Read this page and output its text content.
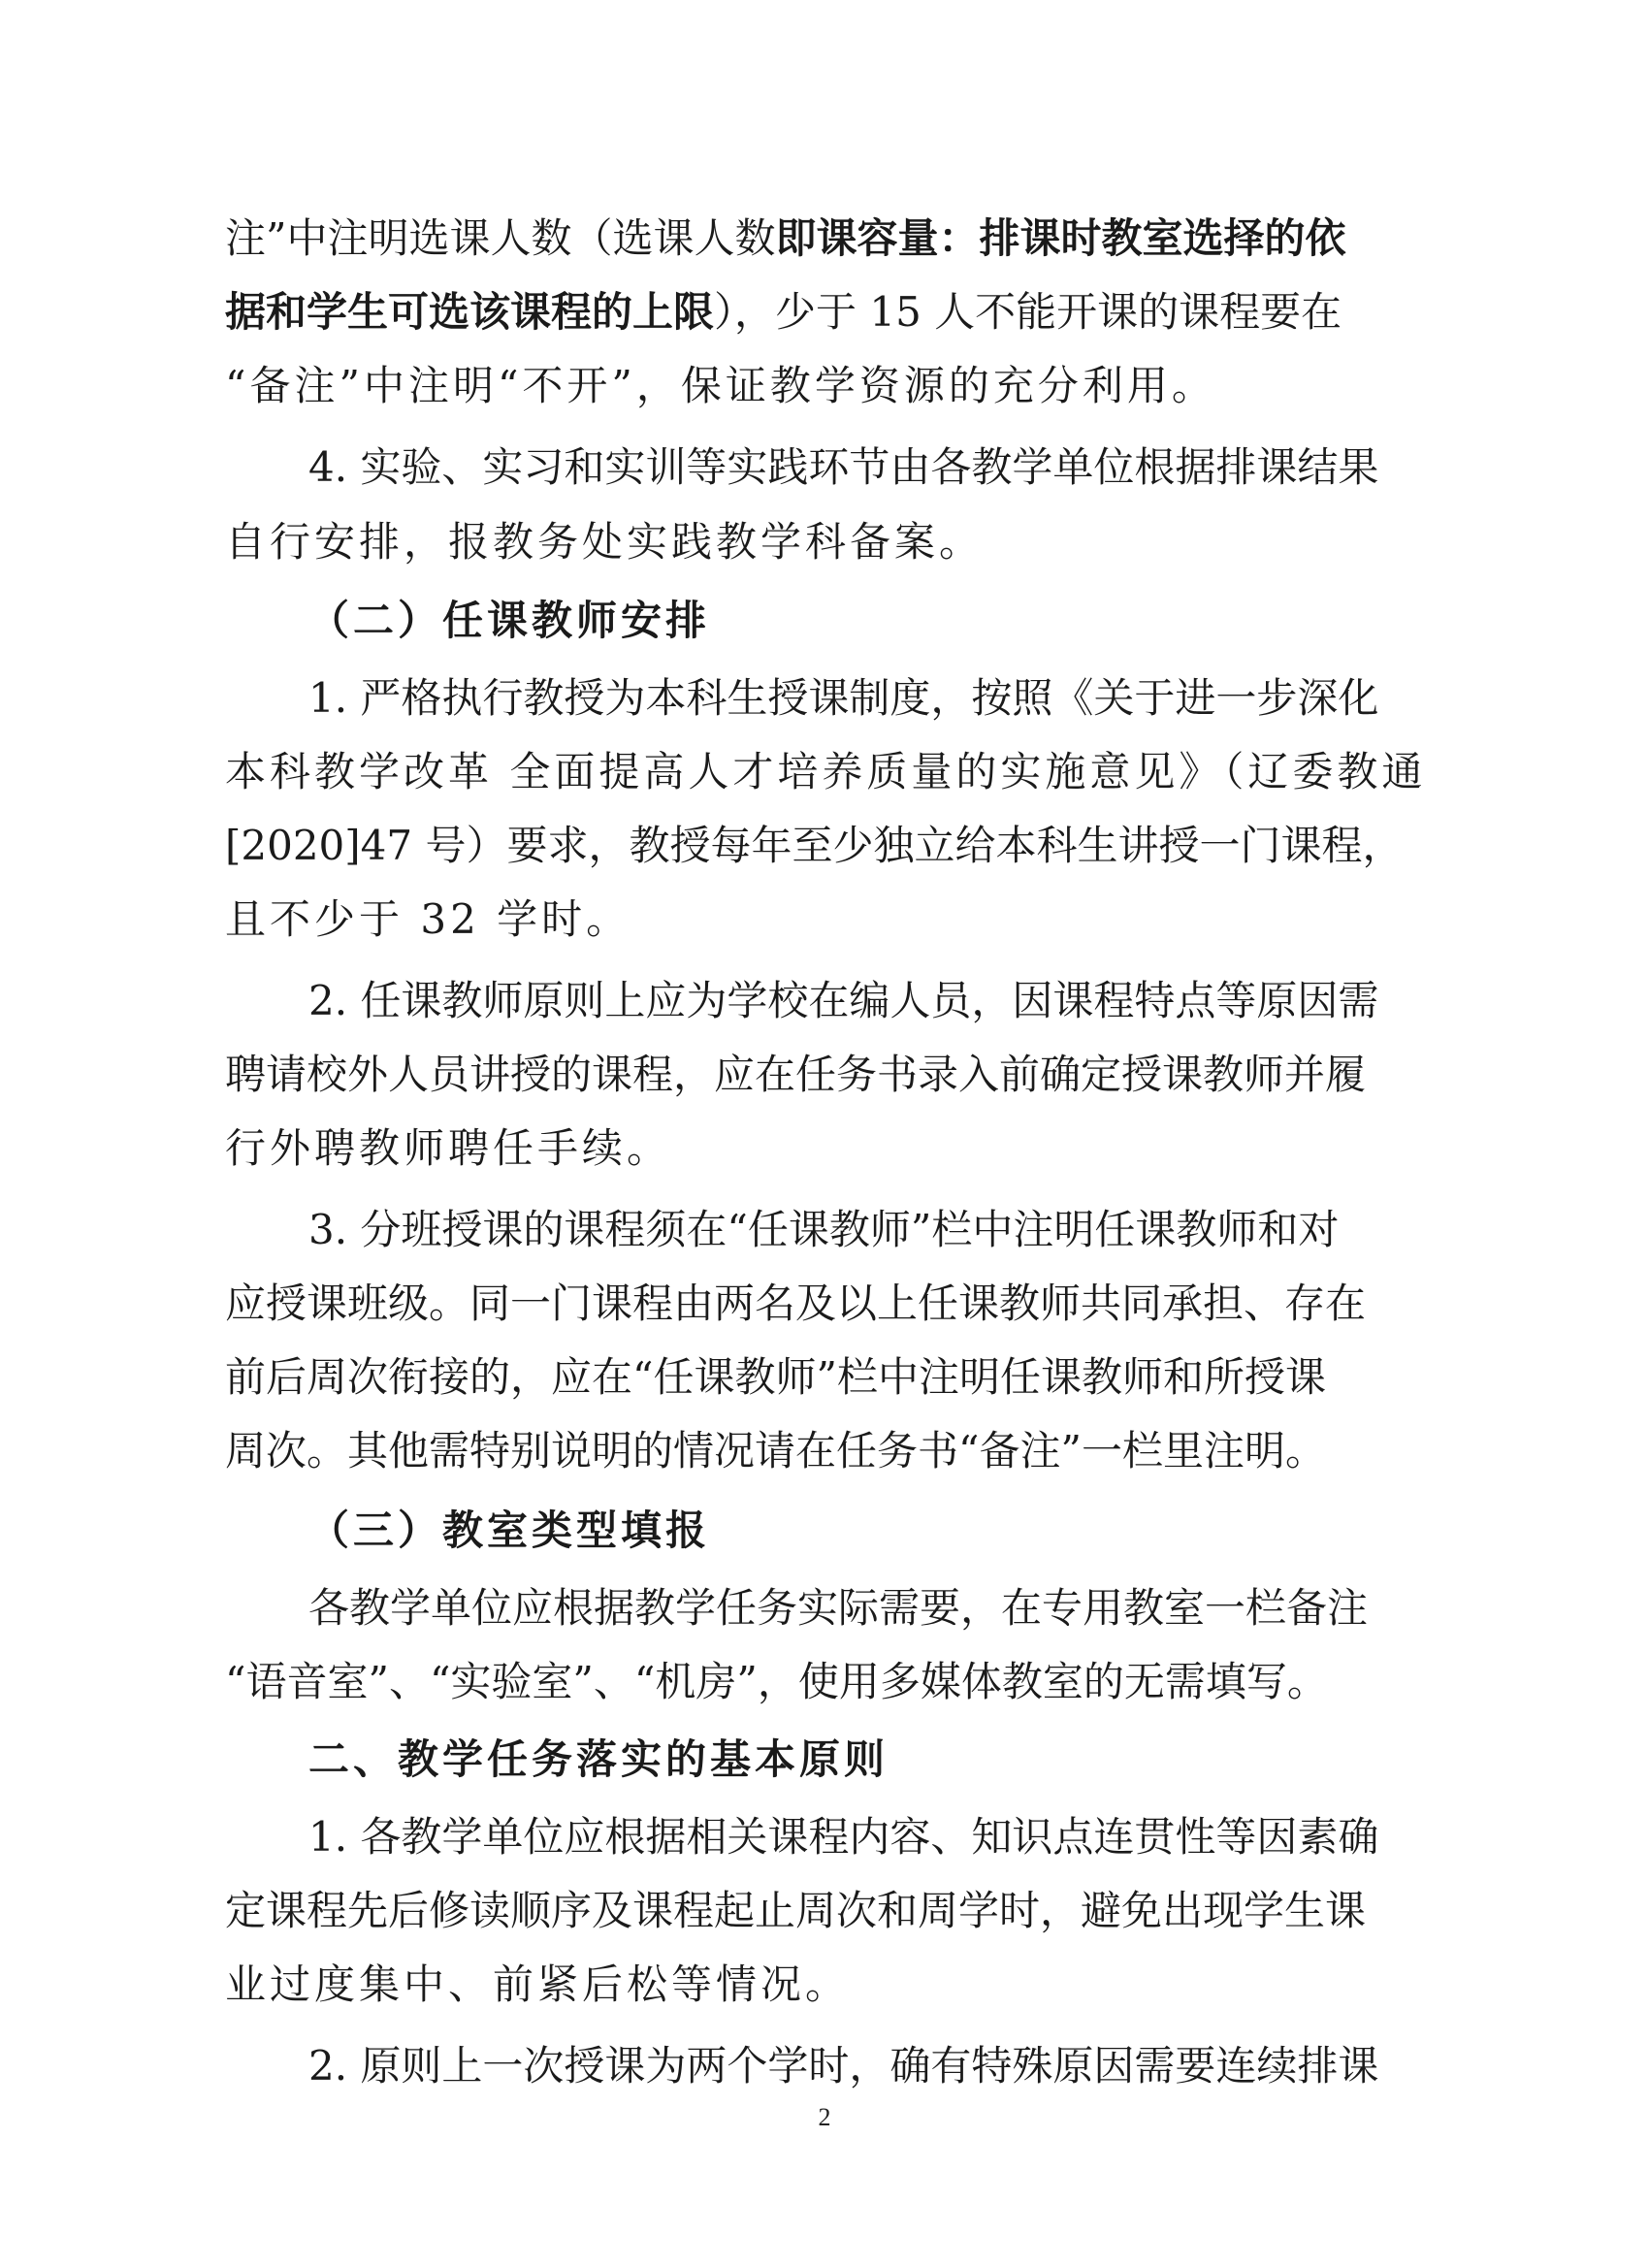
注”中注明选课人数（选课人数即课容量：排课时教室选择的依
据和学生可选该课程的上限），少于 15 人不能开课的课程要在
“备注”中注明“不开”，保证教学资源的充分利用。
4. 实验、实习和实训等实践环节由各教学单位根据排课结果
自行安排，报教务处实践教学科备案。
（二）任课教师安排
1. 严格执行教授为本科生授课制度，按照《关于进一步深化
本科教学改革 全面提高人才培养质量的实施意见》（辽委教通
[2020]47 号）要求，教授每年至少独立给本科生讲授一门课程，
且不少于 32 学时。
2. 任课教师原则上应为学校在编人员，因课程特点等原因需
聘请校外人员讲授的课程，应在任务书录入前确定授课教师并履
行外聘教师聘任手续。
3. 分班授课的课程须在“任课教师”栏中注明任课教师和对
应授课班级。同一门课程由两名及以上任课教师共同承担、存在
前后周次衔接的，应在“任课教师”栏中注明任课教师和所授课
周次。其他需特别说明的情况请在任务书“备注”一栏里注明。
（三）教室类型填报
各教学单位应根据教学任务实际需要，在专用教室一栏备注
“语音室”、“实验室”、“机房”，使用多媒体教室的无需填写。
二、教学任务落实的基本原则
1. 各教学单位应根据相关课程内容、知识点连贯性等因素确
定课程先后修读顺序及课程起止周次和周学时，避免出现学生课
业过度集中、前紧后松等情况。
2. 原则上一次授课为两个学时，确有特殊原因需要连续排课
2
